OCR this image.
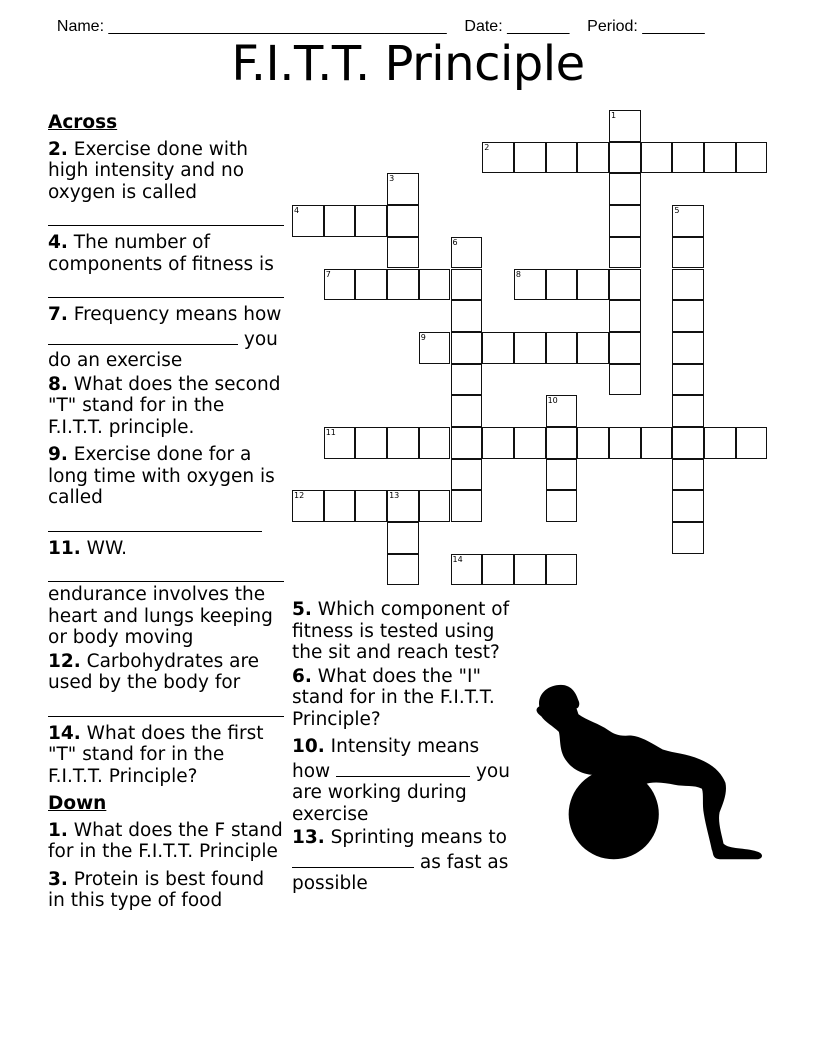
Name: ______________________________________ Date: _______ Period: _______

F.I.T.T. Principle
Across
2. Exercise done with high intensity and no oxygen is called
4. The number of components of fitness is
7. Frequency means how  you do an exercise
8. What does the second "T" stand for in the F.I.T.T. principle.
9. Exercise done for a long time with oxygen is called
11. WW.
endurance involves the heart and lungs keeping or body moving
12. Carbohydrates are used by the body for
14. What does the first "T" stand for in the F.I.T.T. Principle?
Down
1. What does the F stand for in the F.I.T.T. Principle
3. Protein is best found in this type of food
5. Which component of fitness is tested using the sit and reach test?
6. What does the "I" stand for in the F.I.T.T. Principle?
10. Intensity means how	you are working during exercise
13. Sprinting means to  as fast as possible
1
2
3
4	5
6
7	8
9
10
11
12	13
14
